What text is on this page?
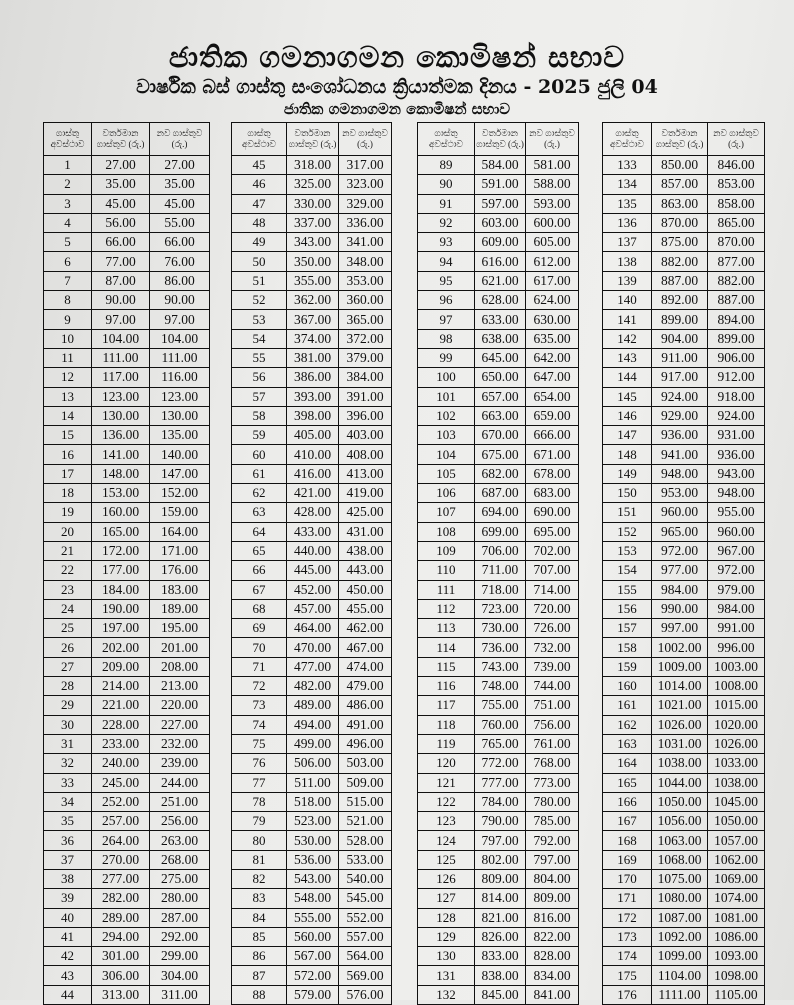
ජාතික ගමනාගමන කොමිෂන් සභාව
වාර්ෂික බස් ගාස්තු සංශෝධනය ක්‍රියාත්මක දිනය - 2025 ජුලි 04
ජාතික ගමනාගමන කොමිෂන් සභාව
ගාස්තු අවස්ථාව	වර්තමාන ගාස්තුව (රු.)	නව ගාස්තුව (රු.)
1	27.00	27.00
2	35.00	35.00
3	45.00	45.00
4	56.00	55.00
5	66.00	66.00
6	77.00	76.00
7	87.00	86.00
8	90.00	90.00
9	97.00	97.00
10	104.00	104.00
11	111.00	111.00
12	117.00	116.00
13	123.00	123.00
14	130.00	130.00
15	136.00	135.00
16	141.00	140.00
17	148.00	147.00
18	153.00	152.00
19	160.00	159.00
20	165.00	164.00
21	172.00	171.00
22	177.00	176.00
23	184.00	183.00
24	190.00	189.00
25	197.00	195.00
26	202.00	201.00
27	209.00	208.00
28	214.00	213.00
29	221.00	220.00
30	228.00	227.00
31	233.00	232.00
32	240.00	239.00
33	245.00	244.00
34	252.00	251.00
35	257.00	256.00
36	264.00	263.00
37	270.00	268.00
38	277.00	275.00
39	282.00	280.00
40	289.00	287.00
41	294.00	292.00
42	301.00	299.00
43	306.00	304.00
44	313.00	311.00
ගාස්තු අවස්ථාව	වර්තමාන ගාස්තුව (රු.)	නව ගාස්තුව (රු.)
45	318.00	317.00
46	325.00	323.00
47	330.00	329.00
48	337.00	336.00
49	343.00	341.00
50	350.00	348.00
51	355.00	353.00
52	362.00	360.00
53	367.00	365.00
54	374.00	372.00
55	381.00	379.00
56	386.00	384.00
57	393.00	391.00
58	398.00	396.00
59	405.00	403.00
60	410.00	408.00
61	416.00	413.00
62	421.00	419.00
63	428.00	425.00
64	433.00	431.00
65	440.00	438.00
66	445.00	443.00
67	452.00	450.00
68	457.00	455.00
69	464.00	462.00
70	470.00	467.00
71	477.00	474.00
72	482.00	479.00
73	489.00	486.00
74	494.00	491.00
75	499.00	496.00
76	506.00	503.00
77	511.00	509.00
78	518.00	515.00
79	523.00	521.00
80	530.00	528.00
81	536.00	533.00
82	543.00	540.00
83	548.00	545.00
84	555.00	552.00
85	560.00	557.00
86	567.00	564.00
87	572.00	569.00
88	579.00	576.00
ගාස්තු අවස්ථාව	වර්තමාන ගාස්තුව (රු.)	නව ගාස්තුව (රු.)
89	584.00	581.00
90	591.00	588.00
91	597.00	593.00
92	603.00	600.00
93	609.00	605.00
94	616.00	612.00
95	621.00	617.00
96	628.00	624.00
97	633.00	630.00
98	638.00	635.00
99	645.00	642.00
100	650.00	647.00
101	657.00	654.00
102	663.00	659.00
103	670.00	666.00
104	675.00	671.00
105	682.00	678.00
106	687.00	683.00
107	694.00	690.00
108	699.00	695.00
109	706.00	702.00
110	711.00	707.00
111	718.00	714.00
112	723.00	720.00
113	730.00	726.00
114	736.00	732.00
115	743.00	739.00
116	748.00	744.00
117	755.00	751.00
118	760.00	756.00
119	765.00	761.00
120	772.00	768.00
121	777.00	773.00
122	784.00	780.00
123	790.00	785.00
124	797.00	792.00
125	802.00	797.00
126	809.00	804.00
127	814.00	809.00
128	821.00	816.00
129	826.00	822.00
130	833.00	828.00
131	838.00	834.00
132	845.00	841.00
ගාස්තු අවස්ථාව	වර්තමාන ගාස්තුව (රු.)	නව ගාස්තුව (රු.)
133	850.00	846.00
134	857.00	853.00
135	863.00	858.00
136	870.00	865.00
137	875.00	870.00
138	882.00	877.00
139	887.00	882.00
140	892.00	887.00
141	899.00	894.00
142	904.00	899.00
143	911.00	906.00
144	917.00	912.00
145	924.00	918.00
146	929.00	924.00
147	936.00	931.00
148	941.00	936.00
149	948.00	943.00
150	953.00	948.00
151	960.00	955.00
152	965.00	960.00
153	972.00	967.00
154	977.00	972.00
155	984.00	979.00
156	990.00	984.00
157	997.00	991.00
158	1002.00	996.00
159	1009.00	1003.00
160	1014.00	1008.00
161	1021.00	1015.00
162	1026.00	1020.00
163	1031.00	1026.00
164	1038.00	1033.00
165	1044.00	1038.00
166	1050.00	1045.00
167	1056.00	1050.00
168	1063.00	1057.00
169	1068.00	1062.00
170	1075.00	1069.00
171	1080.00	1074.00
172	1087.00	1081.00
173	1092.00	1086.00
174	1099.00	1093.00
175	1104.00	1098.00
176	1111.00	1105.00
